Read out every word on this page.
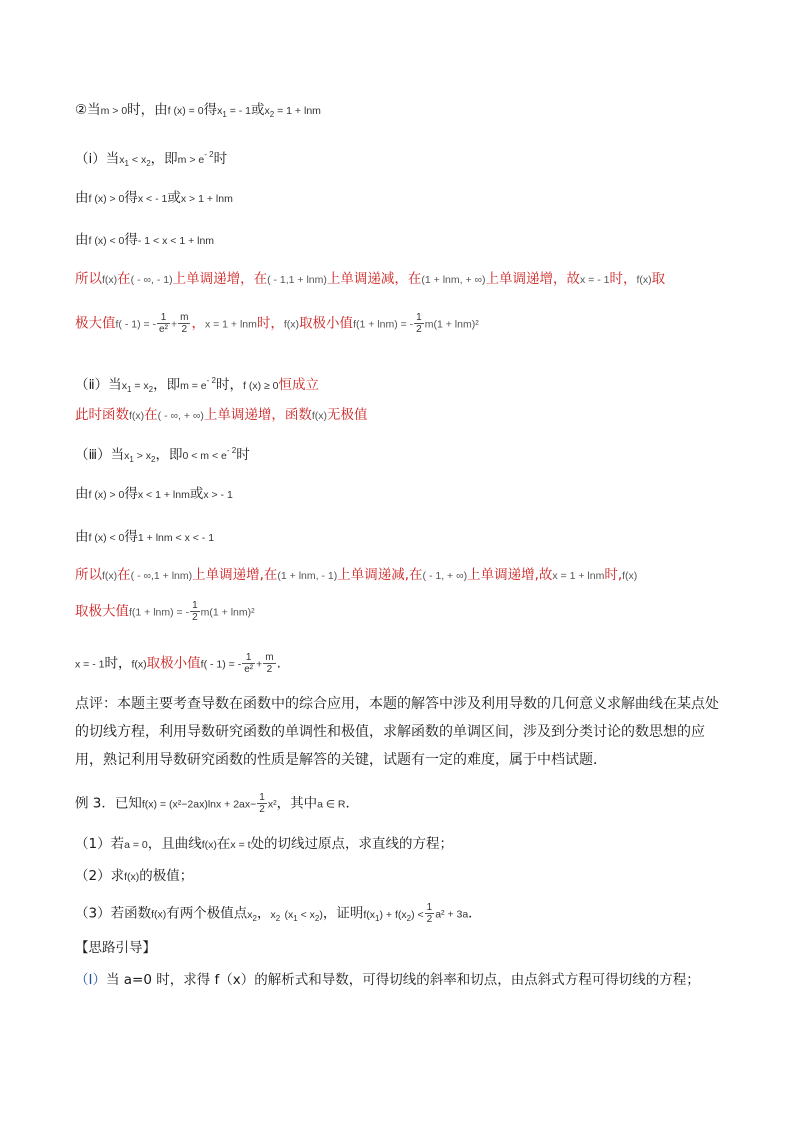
②当m > 0时，由f (x) = 0得$x_1$ = - 1或$x_2 = 1 + \ln m$
（ⅰ）当$x_1 < x_2$，即$m > e^{- 2}$时
由f (x) > 0得x < - 1或x > 1 + lnm
由f (x) < 0得- 1 < x < 1 + lnm
所以f(x)在( - ∞, - 1)上单调递增，在( - 1,1 + lnm)上单调递减，在(1 + lnm, + ∞)上单调递增，故x = - 1时，f(x)取
极大值f( - 1) = - $\frac{1}{\text{e²}} + \frac{m}{2}$ ，x = 1 + lnm时，f(x)取极小值f(1 + lnm) = - $\frac{1}{2} m(1 + \ln m)^2$
（ⅱ）当$x_1 = x_2$，即$m = e^{- 2}$时，f (x) ≥ 0恒成立
此时函数f(x)在( - ∞, + ∞)上单调递增，函数f(x)无极值
（ⅲ）当$x_1 > x_2$，即$0 < m < e^{- 2}$时
由f (x) > 0得x < 1 + lnm或x > - 1
由f (x) < 0得1 + lnm < x < - 1
所以f(x)在( - ∞,1 + lnm)上单调递增,在(1 + lnm, - 1)上单调递减,在( - 1, + ∞)上单调递增,故x = 1 + lnm时,f(x)
取极大值f(1 + lnm) = - $\frac{1}{2} m(1 + \ln m)^2$
x = - 1时，f(x)取极小值f( - 1) = - $\frac{1}{\text{e²}} + \frac{m}{2}$ .
点评：本题主要考查导数在函数中的综合应用，本题的解答中涉及利用导数的几何意义求解曲线在某点处的切线方程，利用导数研究函数的单调性和极值，求解函数的单调区间，涉及到分类讨论的数思想的应用，熟记利用导数研究函数的性质是解答的关键，试题有一定的难度，属于中档试题．
例 3．已知$f(x) = (x^2-2ax)\ln x + 2ax- \frac{1}{2} x^2$，其中a ∈ R．
（1）若a = 0，且曲线f(x)在x = t处的切线过原点，求直线的方程；
（2）求f(x)的极值；
（3）若函数f(x)有两个极值点$x_2$，$x_2$ $(x_1 < x_2)$，证明$f(x_1) + f(x_2) < \frac{1}{2} a^2 + 3a$．
【思路引导】
（Ⅰ）当 a=0 时，求得 f（x）的解析式和导数，可得切线的斜率和切点，由点斜式方程可得切线的方程；
